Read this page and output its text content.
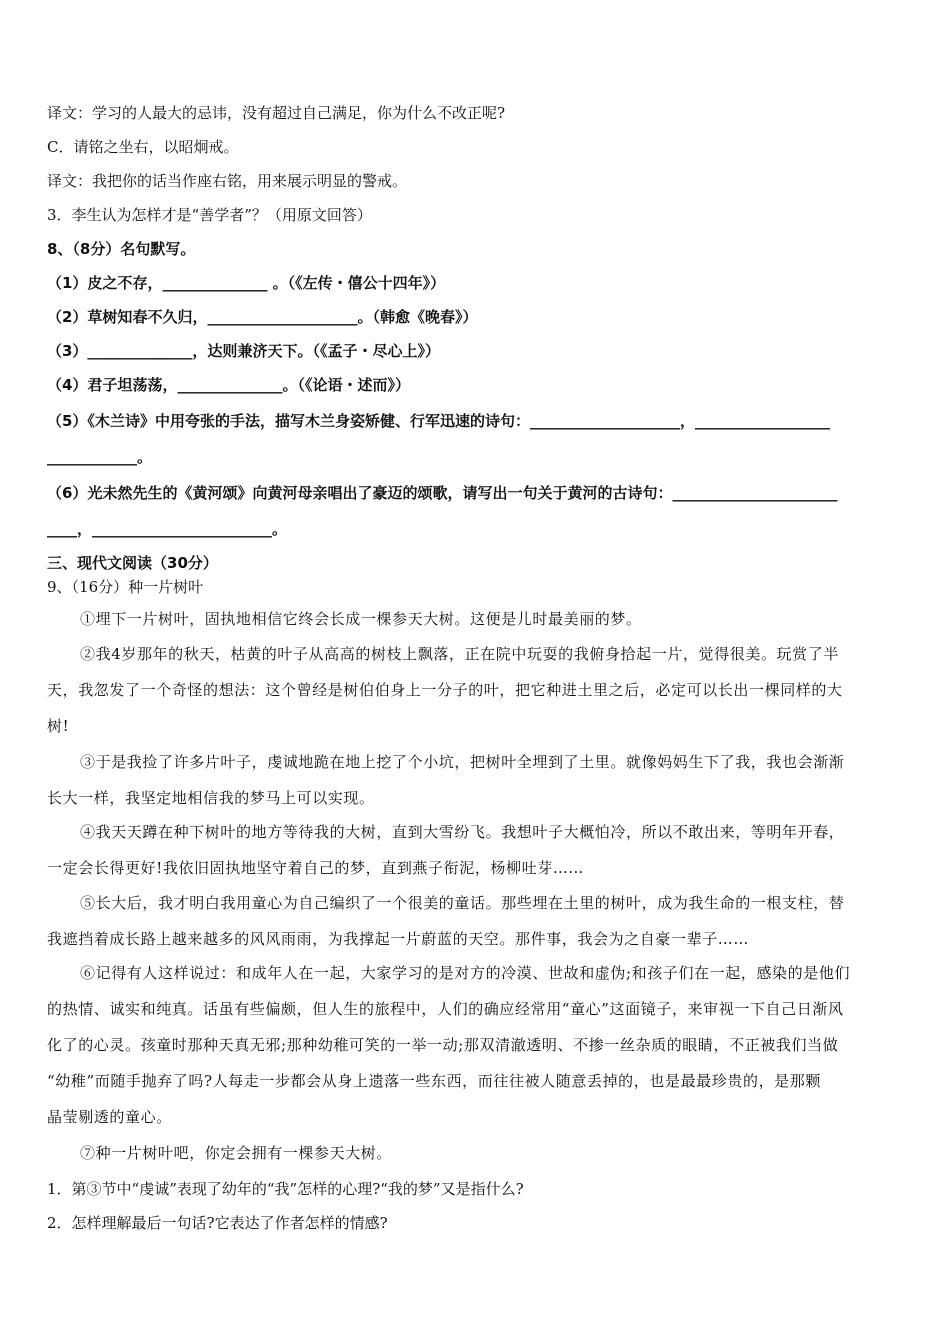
译文：学习的人最大的忌讳，没有超过自己满足，你为什么不改正呢?
C．请铭之坐右，以昭炯戒。
译文：我把你的话当作座右铭，用来展示明显的警戒。
3．李生认为怎样才是“善学者”？（用原文回答）
8、（8分）名句默写。
（1）皮之不存，______________ 。（《左传・僖公十四年》）
（2）草树知春不久归，____________________。（韩愈《晚春》）
（3）______________，达则兼济天下。（《孟子・尽心上》）
（4）君子坦荡荡，______________。（《论语・述而》）
（5）《木兰诗》中用夸张的手法，描写木兰身姿矫健、行军迅速的诗句：____________________，__________________
____________。
（6）光未然先生的《黄河颂》向黄河母亲唱出了豪迈的颂歌，请写出一句关于黄河的古诗句：______________________
____，________________________。
三、现代文阅读（30分）
9、（16分）种一片树叶
①埋下一片树叶，固执地相信它终会长成一棵参天大树。这便是儿时最美丽的梦。
②我4岁那年的秋天，枯黄的叶子从高高的树枝上飘落，正在院中玩耍的我俯身拾起一片，觉得很美。玩赏了半
天，我忽发了一个奇怪的想法：这个曾经是树伯伯身上一分子的叶，把它种进土里之后，必定可以长出一棵同样的大
树!
③于是我捡了许多片叶子，虔诚地跪在地上挖了个小坑，把树叶全埋到了土里。就像妈妈生下了我，我也会渐渐
长大一样，我坚定地相信我的梦马上可以实现。
④我天天蹲在种下树叶的地方等待我的大树，直到大雪纷飞。我想叶子大概怕冷，所以不敢出来，等明年开春，
一定会长得更好!我依旧固执地坚守着自己的梦，直到燕子衔泥，杨柳吐芽……
⑤长大后，我才明白我用童心为自己编织了一个很美的童话。那些埋在土里的树叶，成为我生命的一根支柱，替
我遮挡着成长路上越来越多的风风雨雨，为我撑起一片蔚蓝的天空。那件事，我会为之自豪一辈子……
⑥记得有人这样说过：和成年人在一起，大家学习的是对方的冷漠、世故和虚伪;和孩子们在一起，感染的是他们
的热情、诚实和纯真。话虽有些偏颇，但人生的旅程中，人们的确应经常用“童心”这面镜子，来审视一下自己日渐风
化了的心灵。孩童时那种天真无邪;那种幼稚可笑的一举一动;那双清澈透明、不掺一丝杂质的眼睛，不正被我们当做
“幼稚”而随手抛弃了吗?人每走一步都会从身上遗落一些东西，而往往被人随意丢掉的，也是最最珍贵的，是那颗
晶莹剔透的童心。
⑦种一片树叶吧，你定会拥有一棵参天大树。
1．第③节中“虔诚”表现了幼年的“我”怎样的心理?“我的梦”又是指什么?
2．怎样理解最后一句话?它表达了作者怎样的情感?
